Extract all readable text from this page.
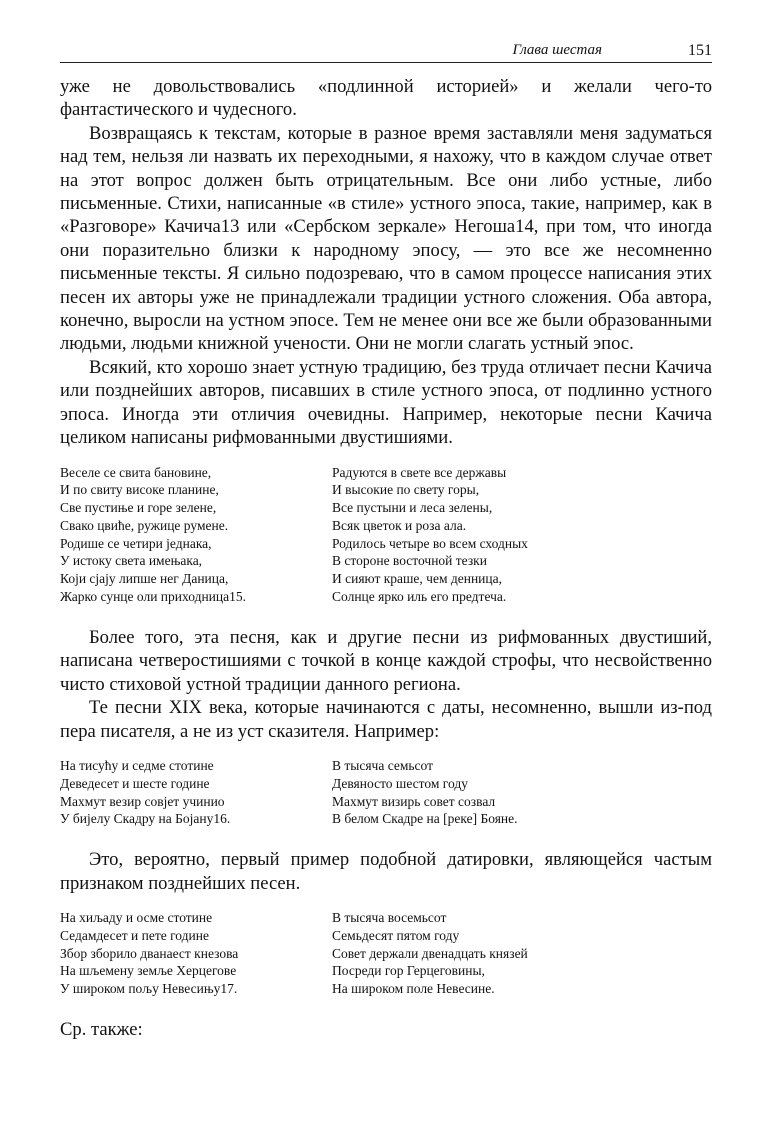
Глава шестая	151

уже не довольствовались «подлинной историей» и желали чего-то фантастического и чудесного.

Возвращаясь к текстам, которые в разное время заставляли меня задуматься над тем, нельзя ли назвать их переходными, я нахожу, что в каждом случае ответ на этот вопрос должен быть отрицательным. Все они либо устные, либо письменные. Стихи, написанные «в стиле» устного эпоса, такие, например, как в «Разговоре» Качича13 или «Сербском зеркале» Негоша14, при том, что иногда они поразительно близки к народному эпосу, — это все же несомненно письменные тексты. Я сильно подозреваю, что в самом процессе написания этих песен их авторы уже не принадлежали традиции устного сложения. Оба автора, конечно, выросли на устном эпосе. Тем не менее они все же были образованными людьми, людьми книжной учености. Они не могли слагать устный эпос.

Всякий, кто хорошо знает устную традицию, без труда отличает песни Качича или позднейших авторов, писавших в стиле устного эпоса, от подлинно устного эпоса. Иногда эти отличия очевидны. Например, некоторые песни Качича целиком написаны рифмованными двустишиями.

Веселе се свита бановине,
И по свиту високе планине,
Све пустиње и горе зелене,
Свако цвиће, ружице румене.
Родише се четири једнака,
У истоку света имењака,
Који сјају липше нег Даница,
Жарко сунце оли приходница15.
Радуются в свете все державы
И высокие по свету горы,
Все пустыни и леса зелены,
Всяк цветок и роза ала.
Родилось четыре во всем сходных
В стороне восточной тезки
И сияют краше, чем денница,
Солнце ярко иль его предтеча.

Более того, эта песня, как и другие песни из рифмованных двустиший, написана четверостишиями с точкой в конце каждой строфы, что несвойственно чисто стиховой устной традиции данного региона.

Те песни XIX века, которые начинаются с даты, несомненно, вышли из-под пера писателя, а не из уст сказителя. Например:

На тисућу и седме стотине
Деведесет и шесте године
Махмут везир совјет учинио
У бијелу Скадру на Бојану16.
В тысяча семьсот
Девяносто шестом году
Махмут визирь совет созвал
В белом Скадре на [реке] Бояне.

Это, вероятно, первый пример подобной датировки, являющейся частым признаком позднейших песен.

На хиљаду и осме стотине
Седамдесет и пете године
Збор зборило дванаест кнезова
На шљемену земље Херцегове
У широком пољу Невесињу17.
В тысяча восемьсот
Семьдесят пятом году
Совет держали двенадцать князей
Посреди гор Герцеговины,
На широком поле Невесине.

Ср. также:
